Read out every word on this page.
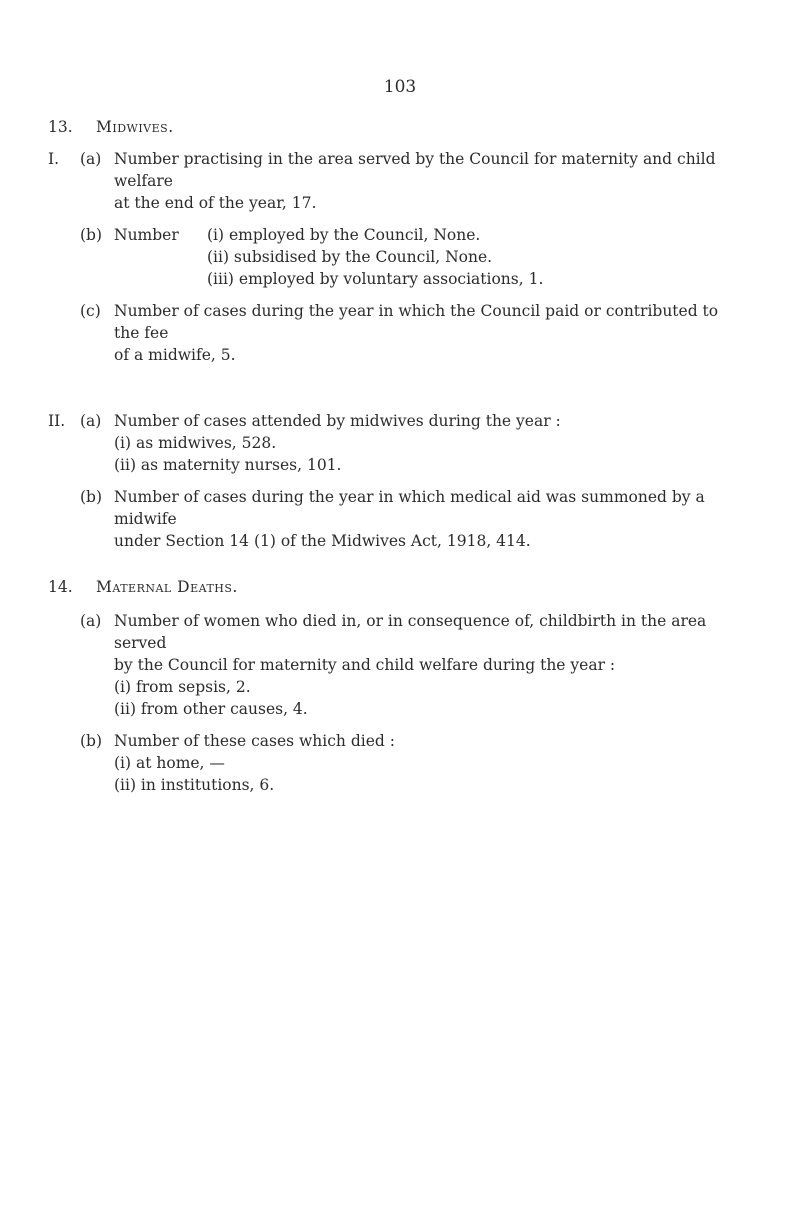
103
13. Midwives.
I. (a) Number practising in the area served by the Council for maternity and child welfare
at the end of the year, 17.
(b) Number (i) employed by the Council, None.
(ii) subsidised by the Council, None.
(iii) employed by voluntary associations, 1.
(c) Number of cases during the year in which the Council paid or contributed to the fee
of a midwife, 5.
II. (a) Number of cases attended by midwives during the year :
(i) as midwives, 528.
(ii) as maternity nurses, 101.
(b) Number of cases during the year in which medical aid was summoned by a midwife
under Section 14 (1) of the Midwives Act, 1918, 414.
14. Maternal Deaths.
(a) Number of women who died in, or in consequence of, childbirth in the area served
by the Council for maternity and child welfare during the year :
(i) from sepsis, 2.
(ii) from other causes, 4.
(b) Number of these cases which died :
(i) at home, —
(ii) in institutions, 6.
